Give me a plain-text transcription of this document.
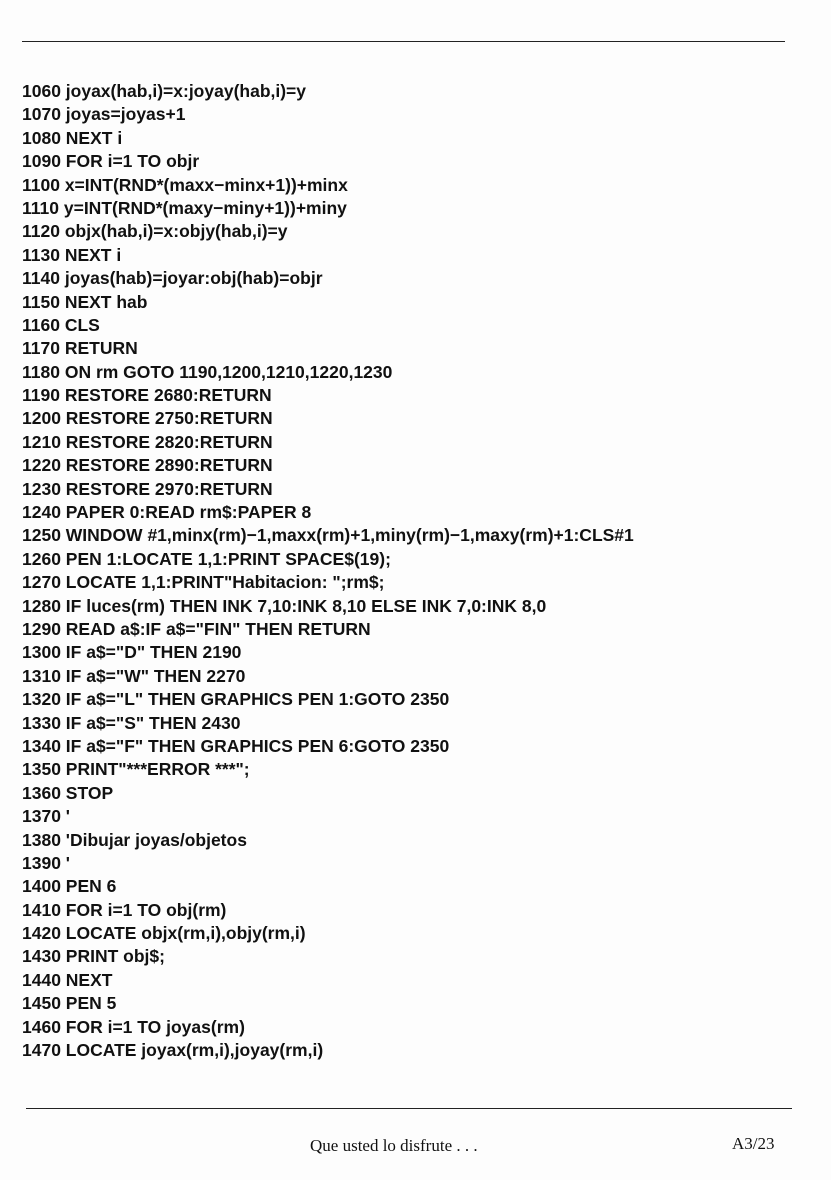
1060 joyax(hab,i)=x:joyay(hab,i)=y
1070 joyas=joyas+1
1080 NEXT i
1090 FOR i=1 TO objr
1100 x=INT(RND*(maxx−minx+1))+minx
1110 y=INT(RND*(maxy−miny+1))+miny
1120 objx(hab,i)=x:objy(hab,i)=y
1130 NEXT i
1140 joyas(hab)=joyar:obj(hab)=objr
1150 NEXT hab
1160 CLS
1170 RETURN
1180 ON rm GOTO 1190,1200,1210,1220,1230
1190 RESTORE 2680:RETURN
1200 RESTORE 2750:RETURN
1210 RESTORE 2820:RETURN
1220 RESTORE 2890:RETURN
1230 RESTORE 2970:RETURN
1240 PAPER 0:READ rm$:PAPER 8
1250 WINDOW #1,minx(rm)−1,maxx(rm)+1,miny(rm)−1,maxy(rm)+1:CLS#1
1260 PEN 1:LOCATE 1,1:PRINT SPACE$(19);
1270 LOCATE 1,1:PRINT"Habitacion: ";rm$;
1280 IF luces(rm) THEN INK 7,10:INK 8,10 ELSE INK 7,0:INK 8,0
1290 READ a$:IF a$="FIN" THEN RETURN
1300 IF a$="D" THEN 2190
1310 IF a$="W" THEN 2270
1320 IF a$="L" THEN GRAPHICS PEN 1:GOTO 2350
1330 IF a$="S" THEN 2430
1340 IF a$="F" THEN GRAPHICS PEN 6:GOTO 2350
1350 PRINT"***ERROR ***";
1360 STOP
1370 '
1380 'Dibujar joyas/objetos
1390 '
1400 PEN 6
1410 FOR i=1 TO obj(rm)
1420 LOCATE objx(rm,i),objy(rm,i)
1430 PRINT obj$;
1440 NEXT
1450 PEN 5
1460 FOR i=1 TO joyas(rm)
1470 LOCATE joyax(rm,i),joyay(rm,i)
Que usted lo disfrute . . .	A3/23
